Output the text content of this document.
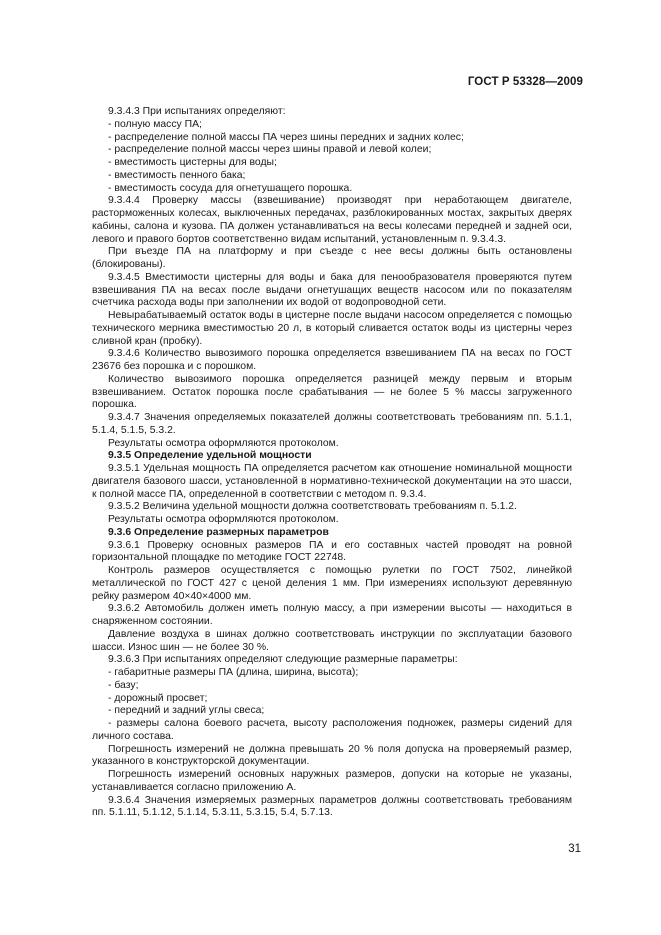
ГОСТ Р 53328—2009

9.3.4.3 При испытаниях определяют:

- полную массу ПА;

- распределение полной массы ПА через шины передних и задних колес;

- распределение полной массы через шины правой и левой колеи;

- вместимость цистерны для воды;

- вместимость пенного бака;

- вместимость сосуда для огнетушащего порошка.

9.3.4.4 Проверку массы (взвешивание) производят при неработающем двигателе, расторможенных колесах, выключенных передачах, разблокированных мостах, закрытых дверях кабины, салона и кузова. ПА должен устанавливаться на весы колесами передней и задней оси, левого и правого бортов соответственно видам испытаний, установленным п. 9.3.4.3.

При въезде ПА на платформу и при съезде с нее весы должны быть остановлены (блокированы).

9.3.4.5 Вместимости цистерны для воды и бака для пенообразователя проверяются путем взвешивания ПА на весах после выдачи огнетушащих веществ насосом или по показателям счетчика расхода воды при заполнении их водой от водопроводной сети.

Невырабатываемый остаток воды в цистерне после выдачи насосом определяется с помощью технического мерника вместимостью 20 л, в который сливается остаток воды из цистерны через сливной кран (пробку).

9.3.4.6 Количество вывозимого порошка определяется взвешиванием ПА на весах по ГОСТ 23676 без порошка и с порошком.

Количество вывозимого порошка определяется разницей между первым и вторым взвешиванием. Остаток порошка после срабатывания — не более 5 % массы загруженного порошка.

9.3.4.7 Значения определяемых показателей должны соответствовать требованиям пп. 5.1.1, 5.1.4, 5.1.5, 5.3.2.

Результаты осмотра оформляются протоколом.

9.3.5 Определение удельной мощности

9.3.5.1 Удельная мощность ПА определяется расчетом как отношение номинальной мощности двигателя базового шасси, установленной в нормативно-технической документации на это шасси, к полной массе ПА, определенной в соответствии с методом п. 9.3.4.

9.3.5.2 Величина удельной мощности должна соответствовать требованиям п. 5.1.2.

Результаты осмотра оформляются протоколом.

9.3.6 Определение размерных параметров

9.3.6.1 Проверку основных размеров ПА и его составных частей проводят на ровной горизонтальной площадке по методике ГОСТ 22748.

Контроль размеров осуществляется с помощью рулетки по ГОСТ 7502, линейкой металлической по ГОСТ 427 с ценой деления 1 мм. При измерениях используют деревянную рейку размером 40×40×4000 мм.

9.3.6.2 Автомобиль должен иметь полную массу, а при измерении высоты — находиться в снаряженном состоянии.

Давление воздуха в шинах должно соответствовать инструкции по эксплуатации базового шасси. Износ шин — не более 30 %.

9.3.6.3 При испытаниях определяют следующие размерные параметры:

- габаритные размеры ПА (длина, ширина, высота);

- базу;

- дорожный просвет;

- передний и задний углы свеса;

- размеры салона боевого расчета, высоту расположения подножек, размеры сидений для личного состава.

Погрешность измерений не должна превышать 20 % поля допуска на проверяемый размер, указанного в конструкторской документации.

Погрешность измерений основных наружных размеров, допуски на которые не указаны, устанавливается согласно приложению А.

9.3.6.4 Значения измеряемых размерных параметров должны соответствовать требованиям пп. 5.1.11, 5.1.12, 5.1.14, 5.3.11, 5.3.15, 5.4, 5.7.13.

31
